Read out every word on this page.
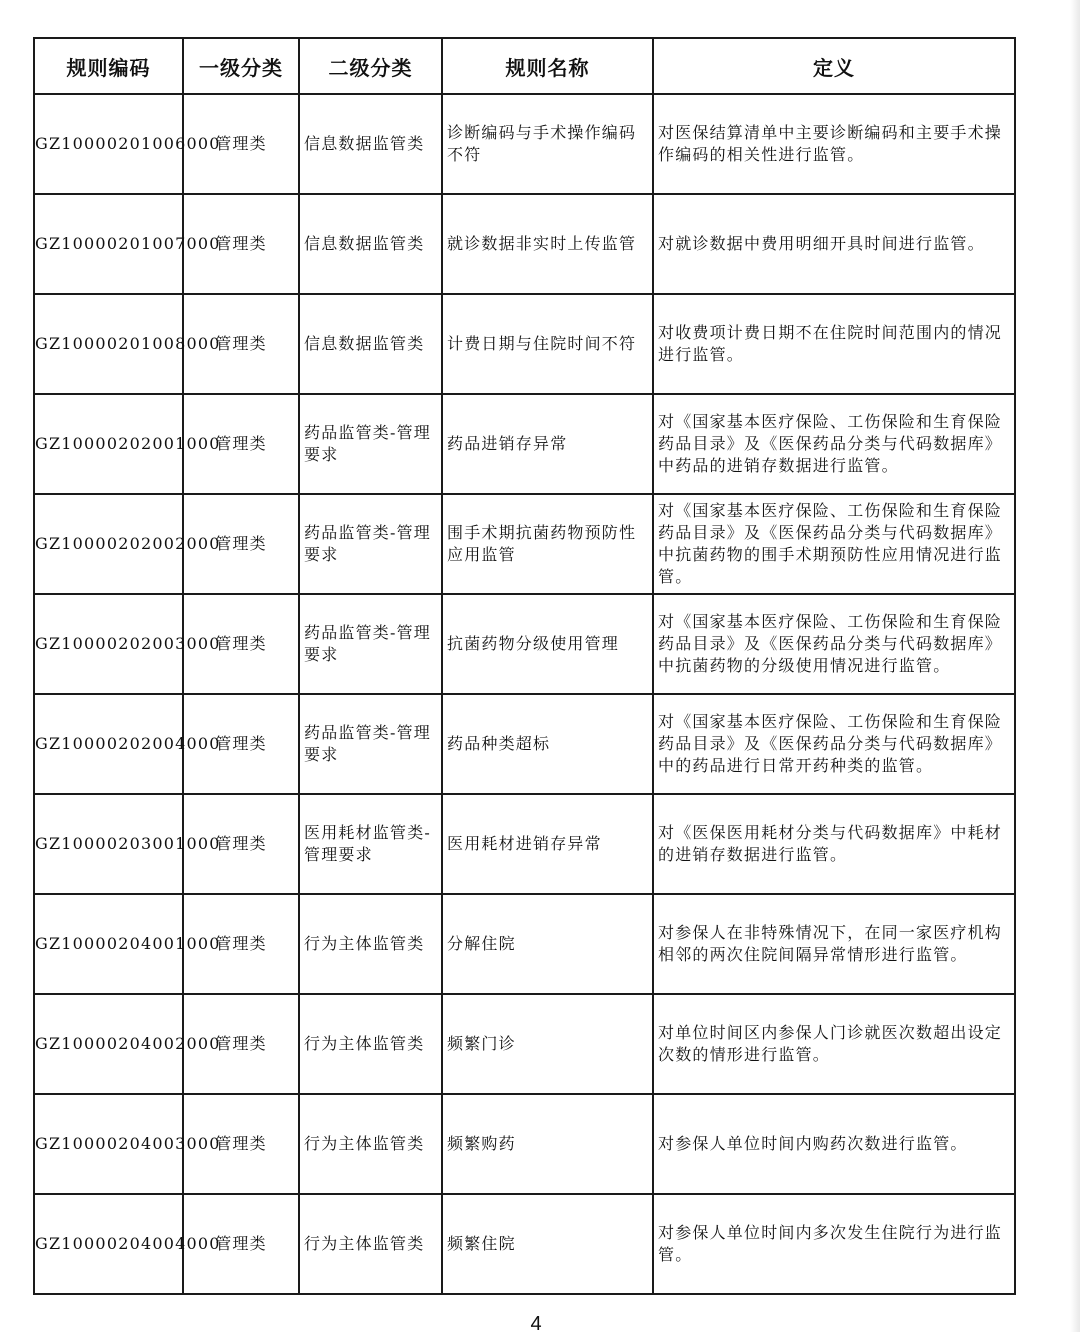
规则编码	一级分类	二级分类	规则名称	定义
GZ10000201006000	管理类	信息数据监管类	诊断编码与手术操作编码不符	对医保结算清单中主要诊断编码和主要手术操作编码的相关性进行监管。
GZ10000201007000	管理类	信息数据监管类	就诊数据非实时上传监管	对就诊数据中费用明细开具时间进行监管。
GZ10000201008000	管理类	信息数据监管类	计费日期与住院时间不符	对收费项计费日期不在住院时间范围内的情况进行监管。
GZ10000202001000	管理类	药品监管类-管理要求	药品进销存异常	对《国家基本医疗保险、工伤保险和生育保险药品目录》及《医保药品分类与代码数据库》中药品的进销存数据进行监管。
GZ10000202002000	管理类	药品监管类-管理要求	围手术期抗菌药物预防性应用监管	对《国家基本医疗保险、工伤保险和生育保险药品目录》及《医保药品分类与代码数据库》中抗菌药物的围手术期预防性应用情况进行监管。
GZ10000202003000	管理类	药品监管类-管理要求	抗菌药物分级使用管理	对《国家基本医疗保险、工伤保险和生育保险药品目录》及《医保药品分类与代码数据库》中抗菌药物的分级使用情况进行监管。
GZ10000202004000	管理类	药品监管类-管理要求	药品种类超标	对《国家基本医疗保险、工伤保险和生育保险药品目录》及《医保药品分类与代码数据库》中的药品进行日常开药种类的监管。
GZ10000203001000	管理类	医用耗材监管类-管理要求	医用耗材进销存异常	对《医保医用耗材分类与代码数据库》中耗材的进销存数据进行监管。
GZ10000204001000	管理类	行为主体监管类	分解住院	对参保人在非特殊情况下，在同一家医疗机构相邻的两次住院间隔异常情形进行监管。
GZ10000204002000	管理类	行为主体监管类	频繁门诊	对单位时间区内参保人门诊就医次数超出设定次数的情形进行监管。
GZ10000204003000	管理类	行为主体监管类	频繁购药	对参保人单位时间内购药次数进行监管。
GZ10000204004000	管理类	行为主体监管类	频繁住院	对参保人单位时间内多次发生住院行为进行监管。
4
